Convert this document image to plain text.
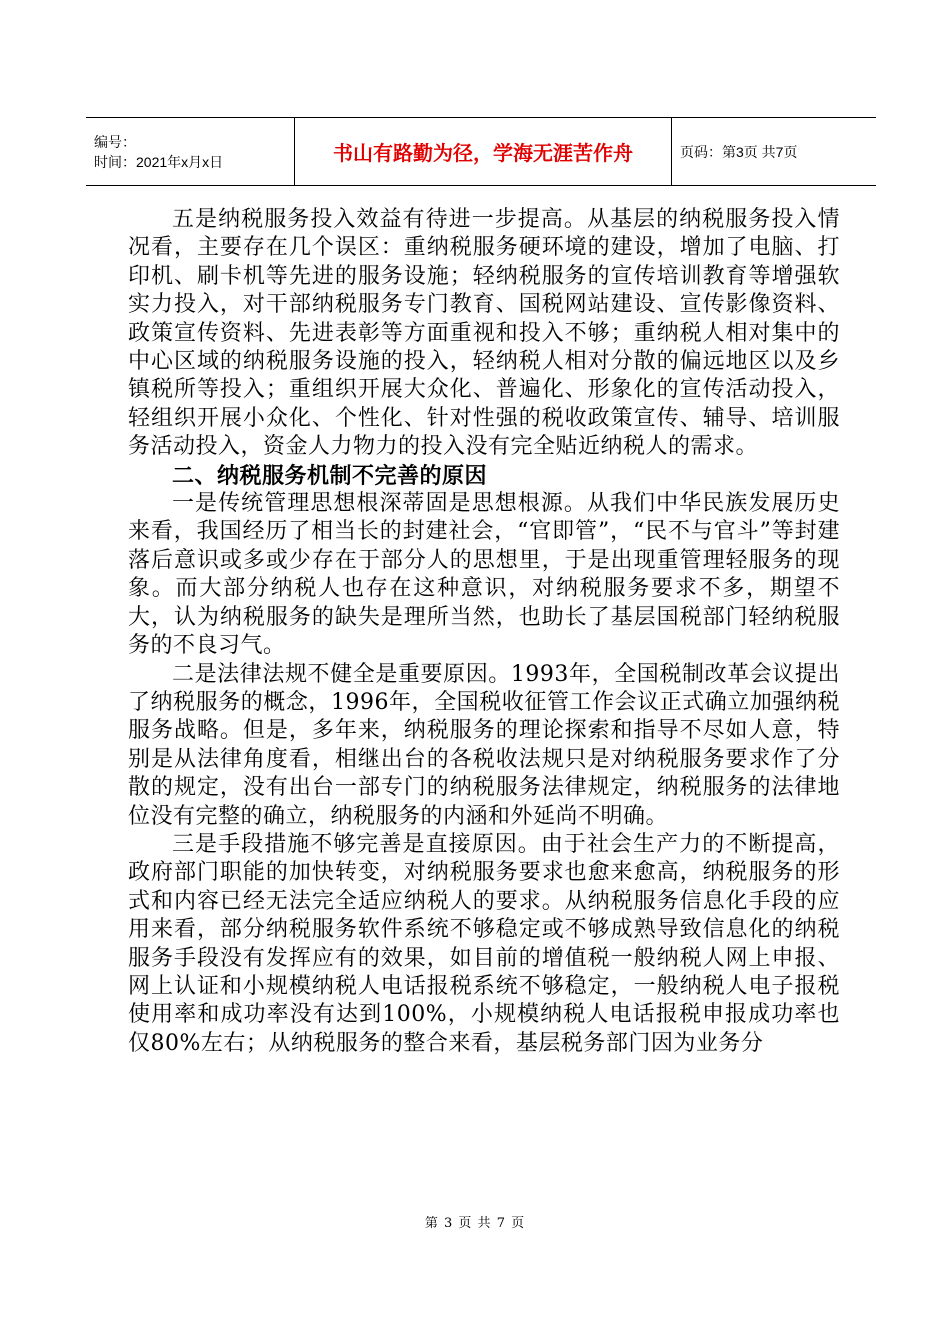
编号：
时间：2021年x月x日	书山有路勤为径，学海无涯苦作舟	页码：第3页 共7页

五是纳税服务投入效益有待进一步提高。从基层的纳税服务投入情况看，主要存在几个误区：重纳税服务硬环境的建设，增加了电脑、打印机、刷卡机等先进的服务设施；轻纳税服务的宣传培训教育等增强软实力投入，对干部纳税服务专门教育、国税网站建设、宣传影像资料、政策宣传资料、先进表彰等方面重视和投入不够；重纳税人相对集中的中心区域的纳税服务设施的投入，轻纳税人相对分散的偏远地区以及乡镇税所等投入；重组织开展大众化、普遍化、形象化的宣传活动投入，轻组织开展小众化、个性化、针对性强的税收政策宣传、辅导、培训服务活动投入，资金人力物力的投入没有完全贴近纳税人的需求。

二、纳税服务机制不完善的原因

一是传统管理思想根深蒂固是思想根源。从我们中华民族发展历史来看，我国经历了相当长的封建社会，“官即管”，“民不与官斗”等封建落后意识或多或少存在于部分人的思想里，于是出现重管理轻服务的现象。而大部分纳税人也存在这种意识，对纳税服务要求不多，期望不大，认为纳税服务的缺失是理所当然，也助长了基层国税部门轻纳税服务的不良习气。

二是法律法规不健全是重要原因。1993年，全国税制改革会议提出了纳税服务的概念，1996年，全国税收征管工作会议正式确立加强纳税服务战略。但是，多年来，纳税服务的理论探索和指导不尽如人意，特别是从法律角度看，相继出台的各税收法规只是对纳税服务要求作了分散的规定，没有出台一部专门的纳税服务法律规定，纳税服务的法律地位没有完整的确立，纳税服务的内涵和外延尚不明确。

三是手段措施不够完善是直接原因。由于社会生产力的不断提高，政府部门职能的加快转变，对纳税服务要求也愈来愈高，纳税服务的形式和内容已经无法完全适应纳税人的要求。从纳税服务信息化手段的应用来看，部分纳税服务软件系统不够稳定或不够成熟导致信息化的纳税服务手段没有发挥应有的效果，如目前的增值税一般纳税人网上申报、网上认证和小规模纳税人电话报税系统不够稳定，一般纳税人电子报税使用率和成功率没有达到100%，小规模纳税人电话报税申报成功率也仅80%左右；从纳税服务的整合来看，基层税务部门因为业务分

第 3 页 共 7 页
